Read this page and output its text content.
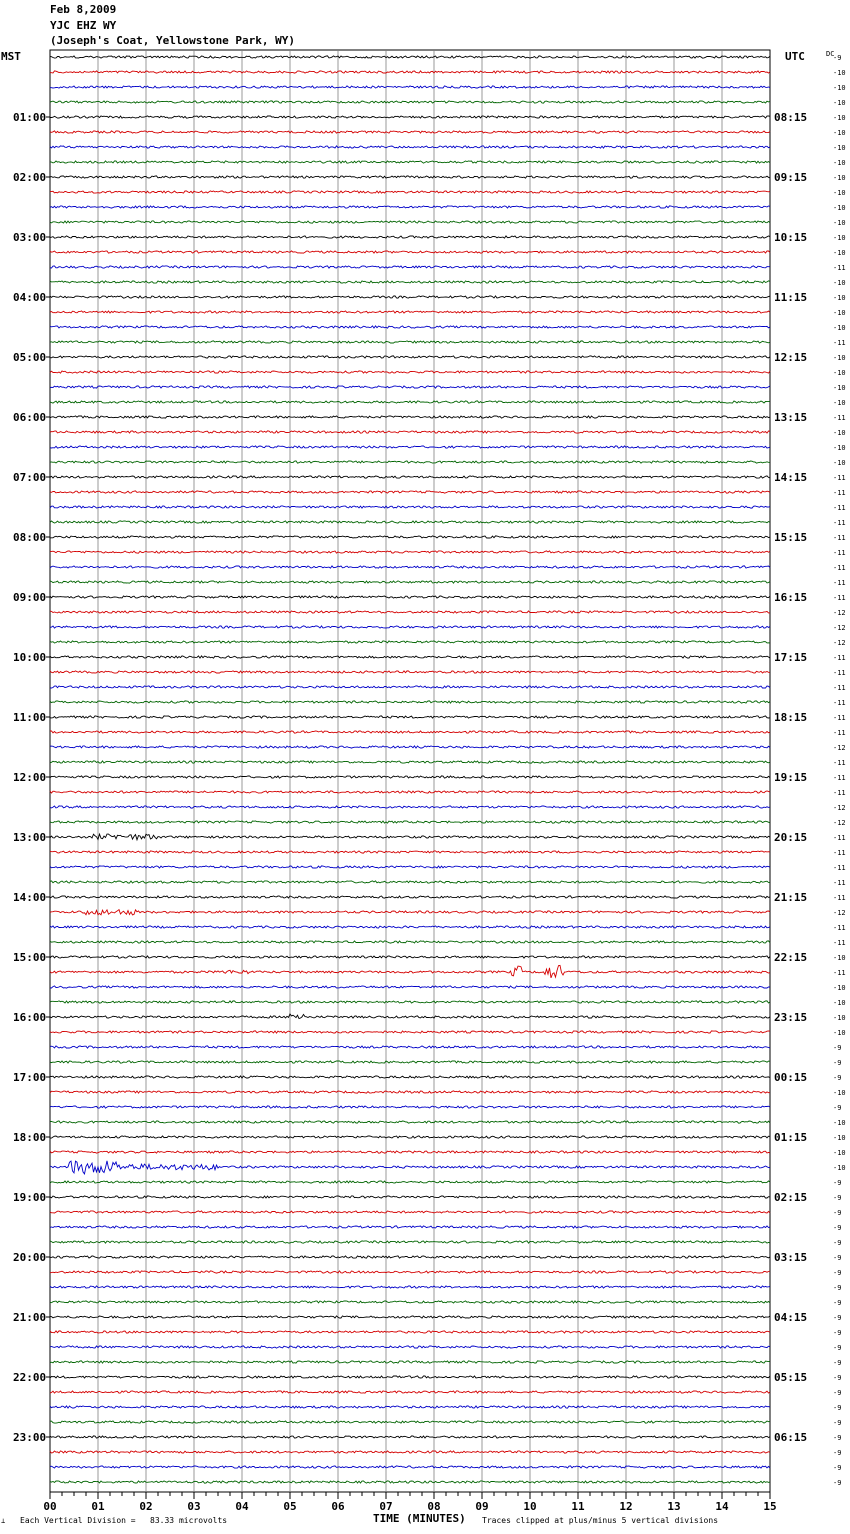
Feb 8,2009
YJC EHZ WY
(Joseph's Coat, Yellowstone Park, WY)
MST	UTC	DC
00	01	02	03	04	05	06	07	08	09	10	11	12	13	14	15
-9
-10
-10
-10
-10
01:00	08:15
-10
-10
-10
-10
02:00	09:15
-10
-10
-10
-10
03:00	10:15
-10
-11
-10
-10
04:00	11:15
-10
-10
-11
-10
05:00	12:15
-10
-10
-10
-11
06:00	13:15
-10
-10
-10
-11
07:00	14:15
-11
-11
-11
-11
08:00	15:15
-11
-11
-11
-11
09:00	16:15
-12
-12
-12
-11
10:00	17:15
-11
-11
-11
-11
11:00	18:15
-11
-12
-11
-11
12:00	19:15
-11
-12
-12
-11
13:00	20:15
-11
-11
-11
-11
14:00	21:15
-12
-11
-11
-10
15:00	22:15
-11
-10
-10
-10
16:00	23:15
-10
-9
-9
-9
17:00	00:15
-10
-9
-10
-10
18:00	01:15
-10
-10
-9
-9
19:00	02:15
-9
-9
-9
-9
20:00	03:15
-9
-9
-9
-9
21:00	04:15
-9
-9
-9
-9
22:00	05:15
-9
-9
-9
-9
23:00	06:15
-9
-9
-9
⟂ Each Vertical Division =   83.33 microvolts	TIME (MINUTES) Traces clipped at plus/minus 5 vertical divisions
